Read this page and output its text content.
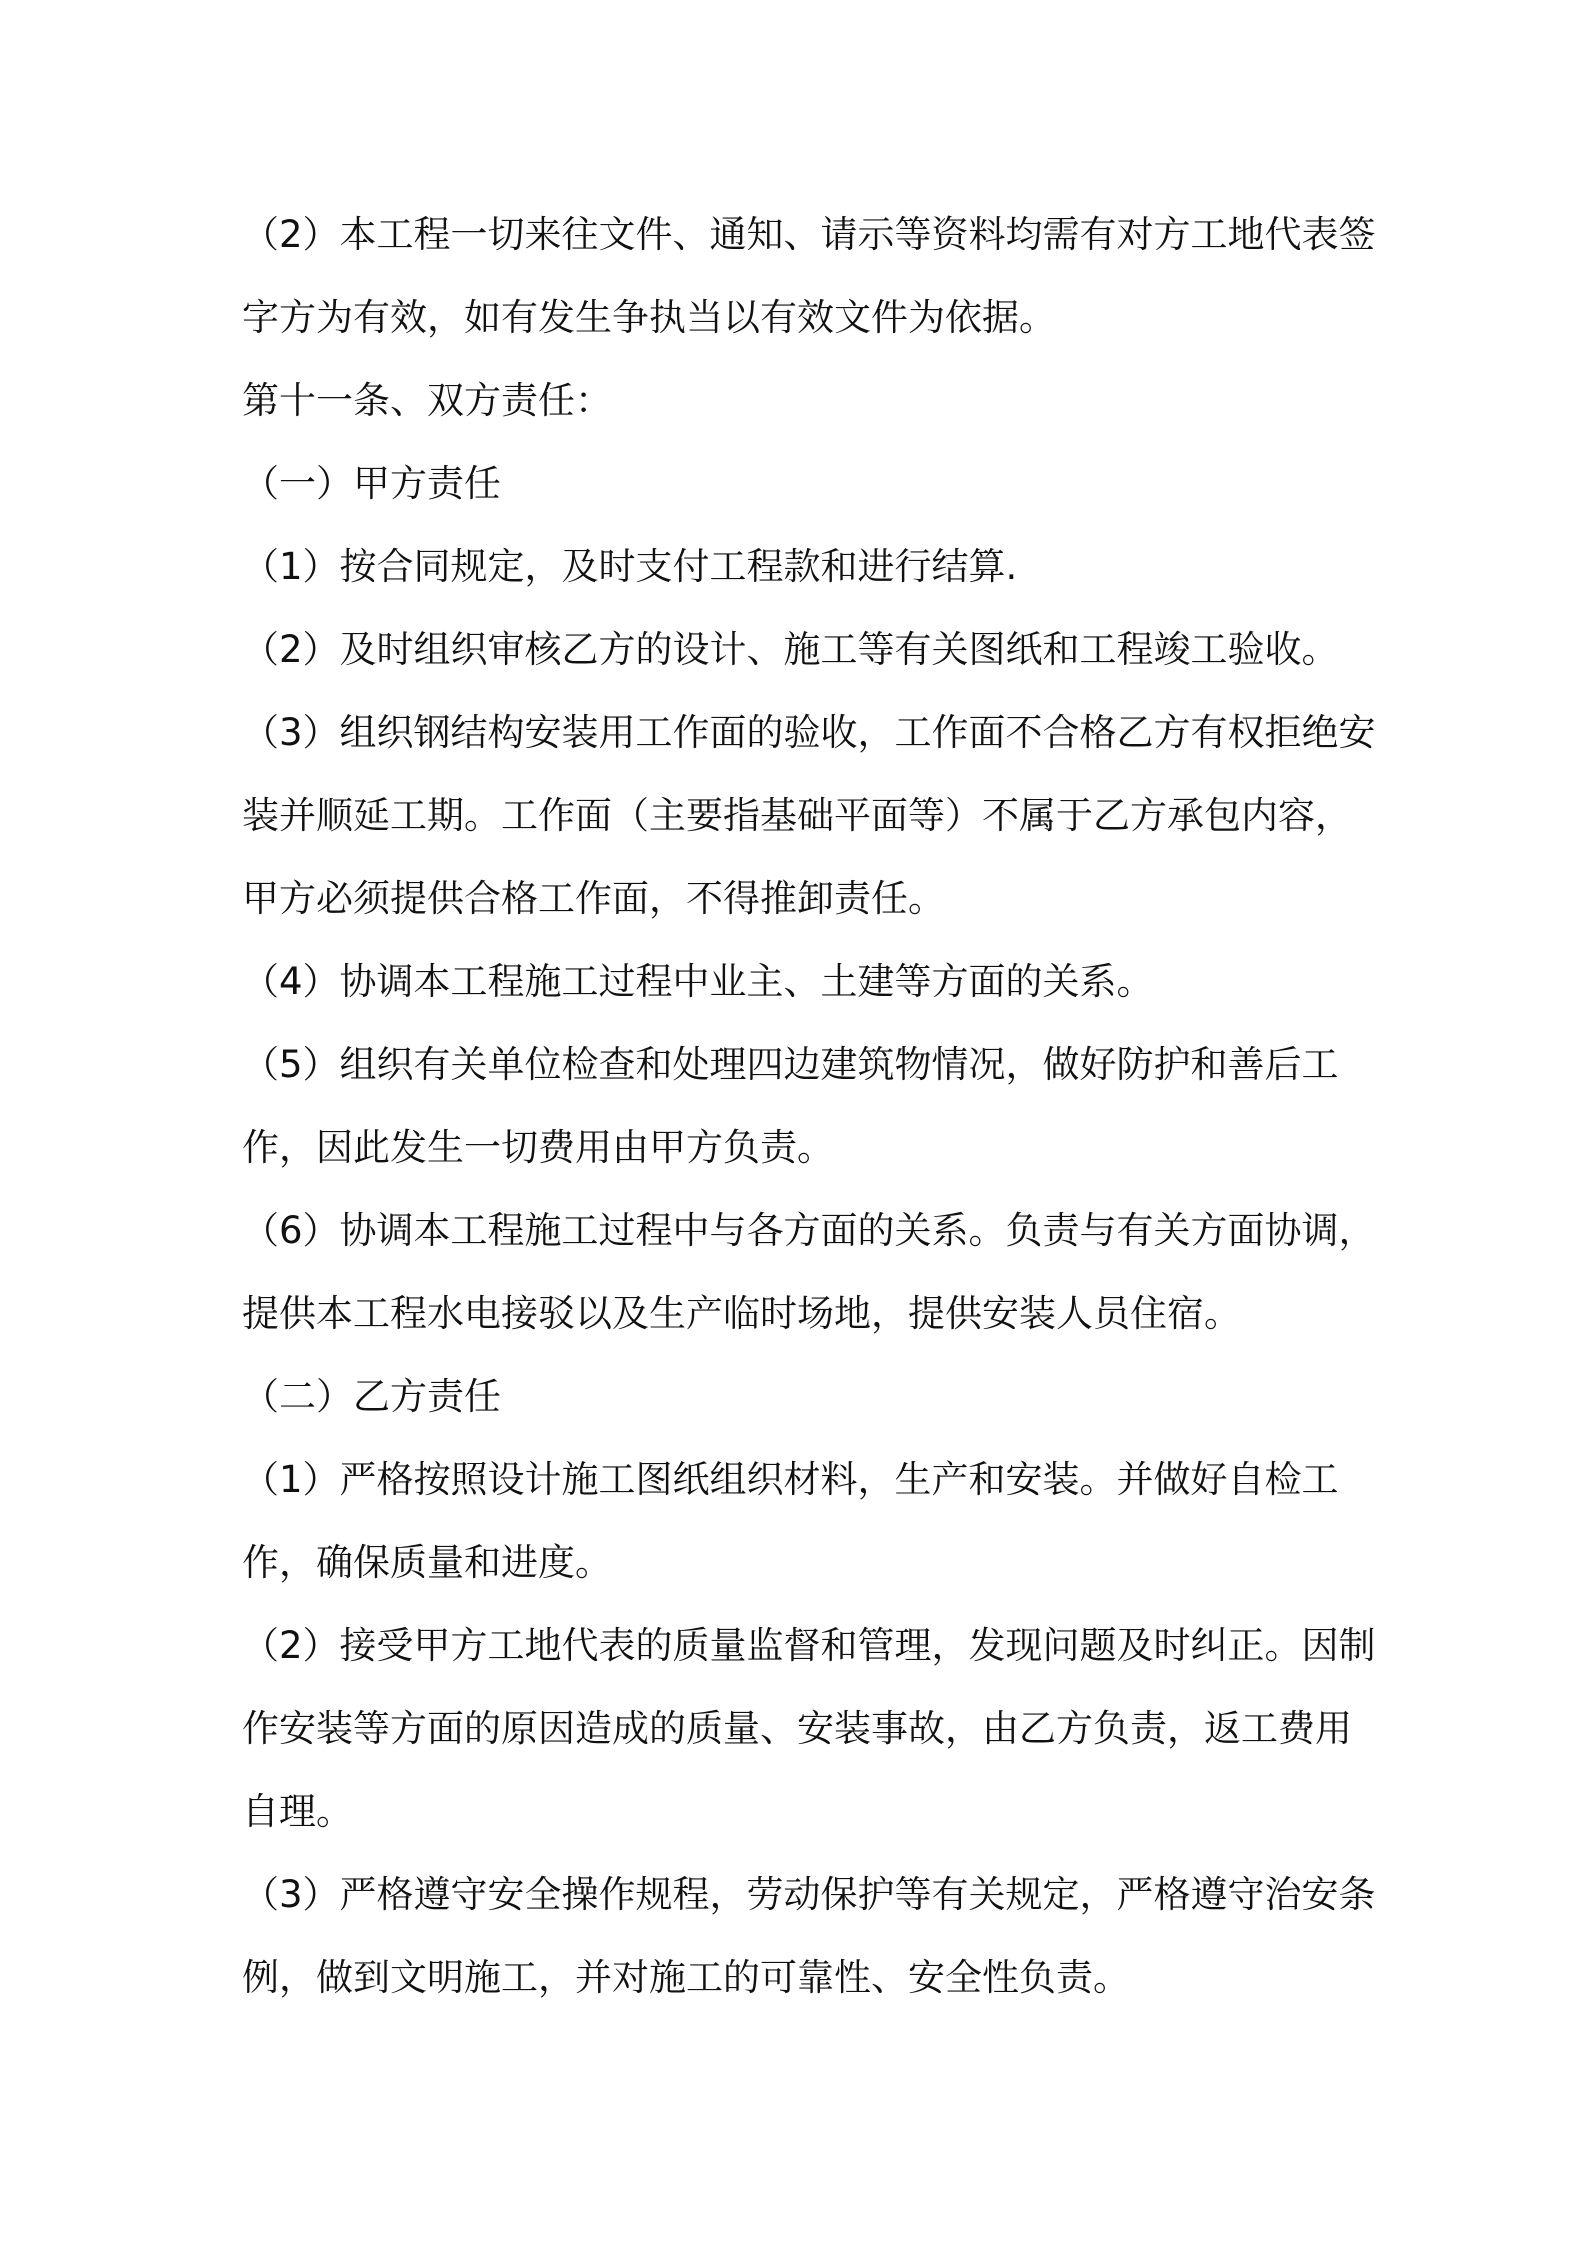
（2）本工程一切来往文件、通知、请示等资料均需有对方工地代表签字方为有效，如有发生争执当以有效文件为依据。

第十一条、双方责任：

（一）甲方责任

（1）按合同规定，及时支付工程款和进行结算.

（2）及时组织审核乙方的设计、施工等有关图纸和工程竣工验收。

（3）组织钢结构安装用工作面的验收，工作面不合格乙方有权拒绝安装并顺延工期。工作面（主要指基础平面等）不属于乙方承包内容，甲方必须提供合格工作面，不得推卸责任。

（4）协调本工程施工过程中业主、土建等方面的关系。

（5）组织有关单位检查和处理四边建筑物情况，做好防护和善后工作，因此发生一切费用由甲方负责。

（6）协调本工程施工过程中与各方面的关系。负责与有关方面协调，提供本工程水电接驳以及生产临时场地，提供安装人员住宿。

（二）乙方责任

（1）严格按照设计施工图纸组织材料，生产和安装。并做好自检工作，确保质量和进度。

（2）接受甲方工地代表的质量监督和管理，发现问题及时纠正。因制作安装等方面的原因造成的质量、安装事故，由乙方负责，返工费用自理。

（3）严格遵守安全操作规程，劳动保护等有关规定，严格遵守治安条例，做到文明施工，并对施工的可靠性、安全性负责。
